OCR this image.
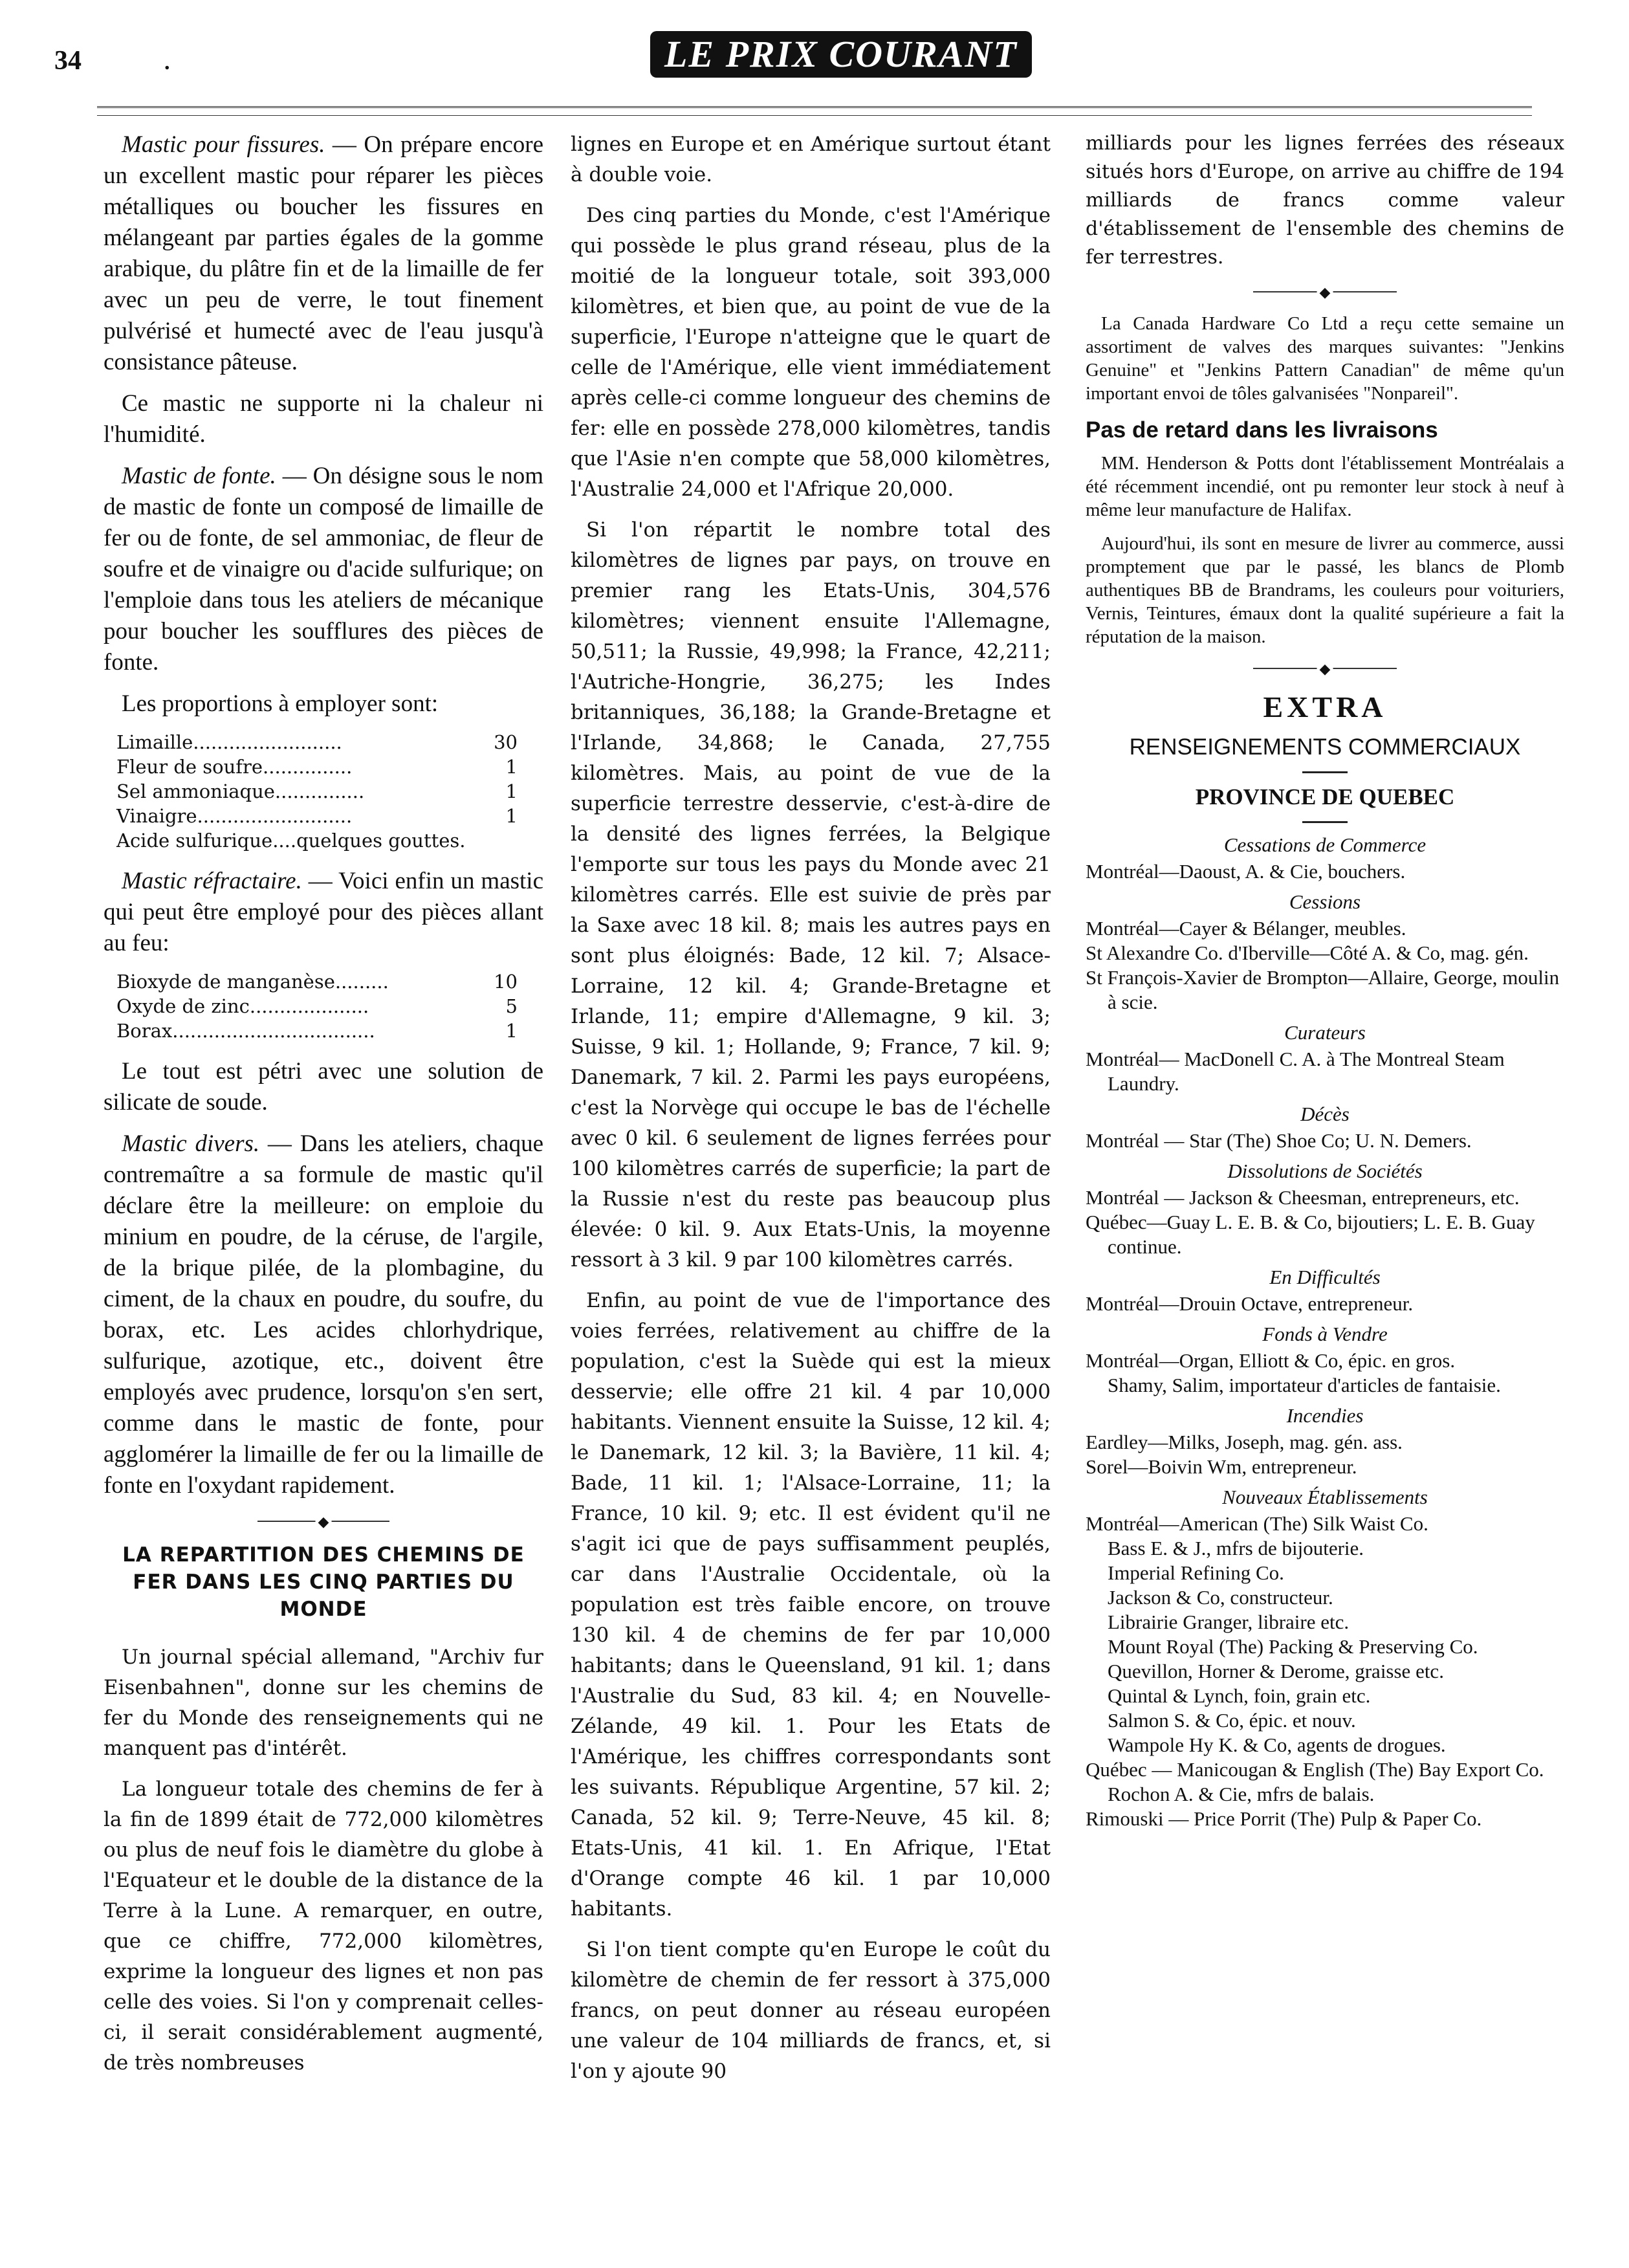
34	.	LE PRIX COURANT

Mastic pour fissures. — On prépare encore un excellent mastic pour réparer les pièces métalliques ou boucher les fissures en mélangeant par parties égales de la gomme arabique, du plâtre fin et de la limaille de fer avec un peu de verre, le tout finement pulvérisé et humecté avec de l'eau jusqu'à consistance pâteuse.

Ce mastic ne supporte ni la chaleur ni l'humidité.

Mastic de fonte. — On désigne sous le nom de mastic de fonte un composé de limaille de fer ou de fonte, de sel ammoniac, de fleur de soufre et de vinaigre ou d'acide sulfurique; on l'emploie dans tous les ateliers de mécanique pour boucher les soufflures des pièces de fonte.

Les proportions à employer sont:

Limaille.........................	30
Fleur de soufre...............	1
Sel ammoniaque...............	1
Vinaigre..........................	1
Acide sulfurique....quelques gouttes.	

Mastic réfractaire. — Voici enfin un mastic qui peut être employé pour des pièces allant au feu:

Bioxyde de manganèse.........	10
Oxyde de zinc....................	5
Borax..................................	1

Le tout est pétri avec une solution de silicate de soude.

Mastic divers. — Dans les ateliers, chaque contremaître a sa formule de mastic qu'il déclare être la meilleure: on emploie du minium en poudre, de la céruse, de l'argile, de la brique pilée, de la plombagine, du ciment, de la chaux en poudre, du soufre, du borax, etc. Les acides chlorhydrique, sulfurique, azotique, etc., doivent être employés avec prudence, lorsqu'on s'en sert, comme dans le mastic de fonte, pour agglomérer la limaille de fer ou la limaille de fonte en l'oxydant rapidement.

◆
LA REPARTITION DES CHEMINS DE FER DANS LES CINQ PARTIES DU MONDE

Un journal spécial allemand, "Archiv fur Eisenbahnen", donne sur les chemins de fer du Monde des renseignements qui ne manquent pas d'intérêt.

La longueur totale des chemins de fer à la fin de 1899 était de 772,000 kilomètres ou plus de neuf fois le diamètre du globe à l'Equateur et le double de la distance de la Terre à la Lune. A remarquer, en outre, que ce chiffre, 772,000 kilomètres, exprime la longueur des lignes et non pas celle des voies. Si l'on y comprenait celles-ci, il serait considérablement augmenté, de très nombreuses

lignes en Europe et en Amérique surtout étant à double voie.

Des cinq parties du Monde, c'est l'Amérique qui possède le plus grand réseau, plus de la moitié de la longueur totale, soit 393,000 kilomètres, et bien que, au point de vue de la superficie, l'Europe n'atteigne que le quart de celle de l'Amérique, elle vient immédiatement après celle-ci comme longueur des chemins de fer: elle en possède 278,000 kilomètres, tandis que l'Asie n'en compte que 58,000 kilomètres, l'Australie 24,000 et l'Afrique 20,000.

Si l'on répartit le nombre total des kilomètres de lignes par pays, on trouve en premier rang les Etats-Unis, 304,576 kilomètres; viennent ensuite l'Allemagne, 50,511; la Russie, 49,998; la France, 42,211; l'Autriche-Hongrie, 36,275; les Indes britanniques, 36,188; la Grande-Bretagne et l'Irlande, 34,868; le Canada, 27,755 kilomètres. Mais, au point de vue de la superficie terrestre desservie, c'est-à-dire de la densité des lignes ferrées, la Belgique l'emporte sur tous les pays du Monde avec 21 kilomètres carrés. Elle est suivie de près par la Saxe avec 18 kil. 8; mais les autres pays en sont plus éloignés: Bade, 12 kil. 7; Alsace-Lorraine, 12 kil. 4; Grande-Bretagne et Irlande, 11; empire d'Allemagne, 9 kil. 3; Suisse, 9 kil. 1; Hollande, 9; France, 7 kil. 9; Danemark, 7 kil. 2. Parmi les pays européens, c'est la Norvège qui occupe le bas de l'échelle avec 0 kil. 6 seulement de lignes ferrées pour 100 kilomètres carrés de superficie; la part de la Russie n'est du reste pas beaucoup plus élevée: 0 kil. 9. Aux Etats-Unis, la moyenne ressort à 3 kil. 9 par 100 kilomètres carrés.

Enfin, au point de vue de l'importance des voies ferrées, relativement au chiffre de la population, c'est la Suède qui est la mieux desservie; elle offre 21 kil. 4 par 10,000 habitants. Viennent ensuite la Suisse, 12 kil. 4; le Danemark, 12 kil. 3; la Bavière, 11 kil. 4; Bade, 11 kil. 1; l'Alsace-Lorraine, 11; la France, 10 kil. 9; etc. Il est évident qu'il ne s'agit ici que de pays suffisamment peuplés, car dans l'Australie Occidentale, où la population est très faible encore, on trouve 130 kil. 4 de chemins de fer par 10,000 habitants; dans le Queensland, 91 kil. 1; dans l'Australie du Sud, 83 kil. 4; en Nouvelle-Zélande, 49 kil. 1. Pour les Etats de l'Amérique, les chiffres correspondants sont les suivants. République Argentine, 57 kil. 2; Canada, 52 kil. 9; Terre-Neuve, 45 kil. 8; Etats-Unis, 41 kil. 1. En Afrique, l'Etat d'Orange compte 46 kil. 1 par 10,000 habitants.

Si l'on tient compte qu'en Europe le coût du kilomètre de chemin de fer ressort à 375,000 francs, on peut donner au réseau européen une valeur de 104 milliards de francs, et, si l'on y ajoute 90

milliards pour les lignes ferrées des réseaux situés hors d'Europe, on arrive au chiffre de 194 milliards de francs comme valeur d'établissement de l'ensemble des chemins de fer terrestres.

◆

La Canada Hardware Co Ltd a reçu cette semaine un assortiment de valves des marques suivantes: "Jenkins Genuine" et "Jenkins Pattern Canadian" de même qu'un important envoi de tôles galvanisées "Nonpareil".

Pas de retard dans les livraisons

MM. Henderson & Potts dont l'établissement Montréalais a été récemment incendié, ont pu remonter leur stock à neuf à même leur manufacture de Halifax.

Aujourd'hui, ils sont en mesure de livrer au commerce, aussi promptement que par le passé, les blancs de Plomb authentiques BB de Brandrams, les couleurs pour voituriers, Vernis, Teintures, émaux dont la qualité supérieure a fait la réputation de la maison.

◆
EXTRA
RENSEIGNEMENTS COMMERCIAUX
PROVINCE DE QUEBEC
Cessations de Commerce
Montréal—Daoust, A. & Cie, bouchers.
Cessions
Montréal—Cayer & Bélanger, meubles.
St Alexandre Co. d'Iberville—Côté A. & Co, mag. gén.
St François-Xavier de Brompton—Allaire, George, moulin à scie.
Curateurs
Montréal— MacDonell C. A. à The Montreal Steam Laundry.
Décès
Montréal — Star (The) Shoe Co; U. N. Demers.
Dissolutions de Sociétés
Montréal — Jackson & Cheesman, entrepreneurs, etc.
Québec—Guay L. E. B. & Co, bijoutiers; L. E. B. Guay continue.
En Difficultés
Montréal—Drouin Octave, entrepreneur.
Fonds à Vendre
Montréal—Organ, Elliott & Co, épic. en gros.
Shamy, Salim, importateur d'articles de fantaisie.
Incendies
Eardley—Milks, Joseph, mag. gén. ass.
Sorel—Boivin Wm, entrepreneur.
Nouveaux Établissements
Montréal—American (The) Silk Waist Co.
Bass E. & J., mfrs de bijouterie.
Imperial Refining Co.
Jackson & Co, constructeur.
Librairie Granger, libraire etc.
Mount Royal (The) Packing & Preserving Co.
Quevillon, Horner & Derome, graisse etc.
Quintal & Lynch, foin, grain etc.
Salmon S. & Co, épic. et nouv.
Wampole Hy K. & Co, agents de drogues.
Québec — Manicougan & English (The) Bay Export Co.
Rochon A. & Cie, mfrs de balais.
Rimouski — Price Porrit (The) Pulp & Paper Co.
